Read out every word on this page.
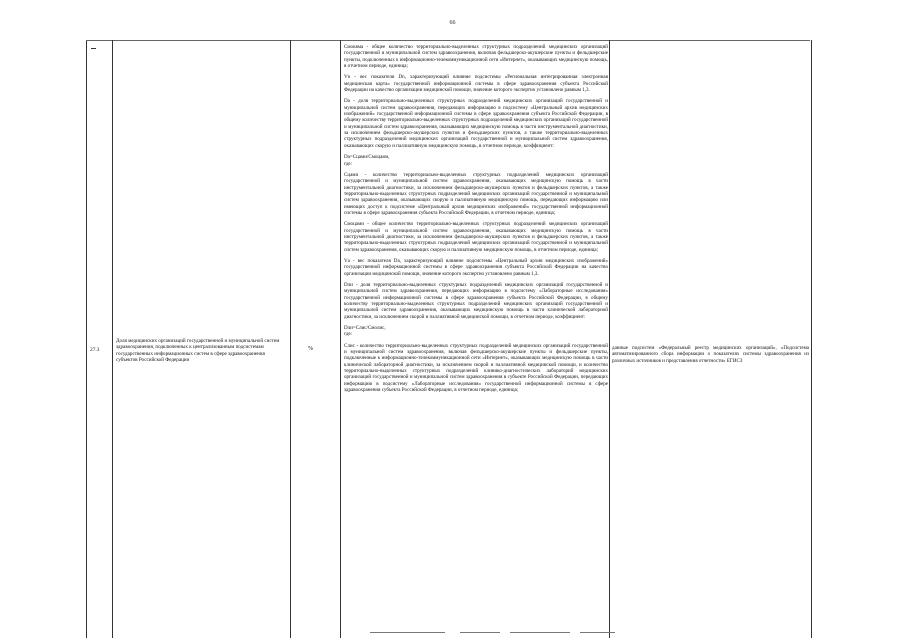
66
27.3
Доля медицинских организаций государственной и муниципальной систем здравоохранения, подключенных к централизованным подсистемам государственных информационных систем в сфере здравоохранения субъектов Российской Федерации
%

Смоквма - общее количество территориально-выделенных структурных подразделений медицинских организаций государственной и муниципальной систем здравоохранения, включая фельдшерско-акушерские пункты и фельдшерские пункты, подключенных к информационно-телекоммуникационной сети «Интернет», оказывающих медицинскую помощь, в отчетном периоде, единица;

Vn - вес показателя Dn, характеризующий влияние подсистемы «Региональная интегрированная электронная медицинская карта» государственной информационной системы в сфере здравоохранения субъекта Российской Федерации на качество организации медицинской помощи, значение которого экспертно установлено равным 1,3.

Dа - доля территориально-выделенных структурных подразделений медицинских организаций государственной и муниципальной систем здравоохранения, передающих информацию в подсистему «Центральный архив медицинских изображений» государственной информационной системы в сфере здравоохранения субъекта Российской Федерации, в общему количеству территориально-выделенных структурных подразделений медицинских организаций государственной и муниципальной систем здравоохранения, оказывающих медицинскую помощь в части инструментальной диагностики, за исключением фельдшерско-акушерских пунктов и фельдшерских пунктов, а также территориально-выделенных структурных подразделений медицинских организаций государственной и муниципальной систем здравоохранения, оказывающих скорую и паллиативную медицинскую помощь, в отчетном периоде, коэффициент:

Dа=Сцами/Смоцами,

где:

Сцами - количество территориально-выделенных структурных подразделений медицинских организаций государственной и муниципальной систем здравоохранения, оказывающих медицинскую помощь в части инструментальной диагностики, за исключением фельдшерско-акушерских пунктов и фельдшерских пунктов, а также территориально-выделенных структурных подразделений медицинских организаций государственной и муниципальной систем здравоохранения, оказывающих скорую и паллиативную медицинскую помощь, передающих информацию или имеющих доступ к подсистеме «Центральный архив медицинских изображений» государственной информационной системы в сфере здравоохранения субъекта Российской Федерации, в отчетном периоде, единица;

Смоцами - общее количество территориально-выделенных структурных подразделений медицинских организаций государственной и муниципальной систем здравоохранения, оказывающих медицинскую помощь в части инструментальной диагностики, за исключением фельдшерско-акушерских пунктов и фельдшерских пунктов, а также территориально-выделенных структурных подразделений медицинских организаций государственной и муниципальной систем здравоохранения, оказывающих скорую и паллиативную медицинскую помощь, в отчетном периоде, единица;

Vа - вес показателя Dа, характеризующий влияние подсистемы «Центральный архив медицинских изображений» государственной информационной системы в сфере здравоохранения субъекта Российской Федерации на качество организации медицинской помощи, значение которого экспертно установлено равным 1,3.

Dли - доля территориально-выделенных структурных подразделений медицинских организаций государственной и муниципальной систем здравоохранения, передающих информацию в подсистему «Лабораторные исследования» государственной информационной системы в сфере здравоохранения субъекта Российской Федерации, в общему количеству территориально-выделенных структурных подразделений медицинских организаций государственной и муниципальной систем здравоохранения, оказывающих медицинскую помощь в части клинической лабораторной диагностики, за исключением скорой и паллиативной медицинской помощи, в отчетном периоде, коэффициент:

Dли=Слис/Смолис,

где:

Слис - количество территориально-выделенных структурных подразделений медицинских организаций государственной и муниципальной систем здравоохранения, включая фельдшерско-акушерские пункты и фельдшерские пункты, подключенные к информационно-телекоммуникационной сети «Интернет», оказывающих медицинскую помощь в части клинической лабораторной диагностики, за исключением скорой и паллиативной медицинской помощи, и количество территориально-выделенных структурных подразделений клинико-диагностических лабораторий медицинских организаций государственной и муниципальной систем здравоохранения в субъекте Российской Федерации, передающих информацию в подсистему «Лабораторные исследования» государственной информационной системы в сфере здравоохранения субъекта Российской Федерации, в отчетном периоде, единица;

данные подсистем «Федеральный реестр медицинских организаций», «Подсистема автоматизированного сбора информации о показателях системы здравоохранения из различных источников и представления отчетности» ЕГИСЗ
